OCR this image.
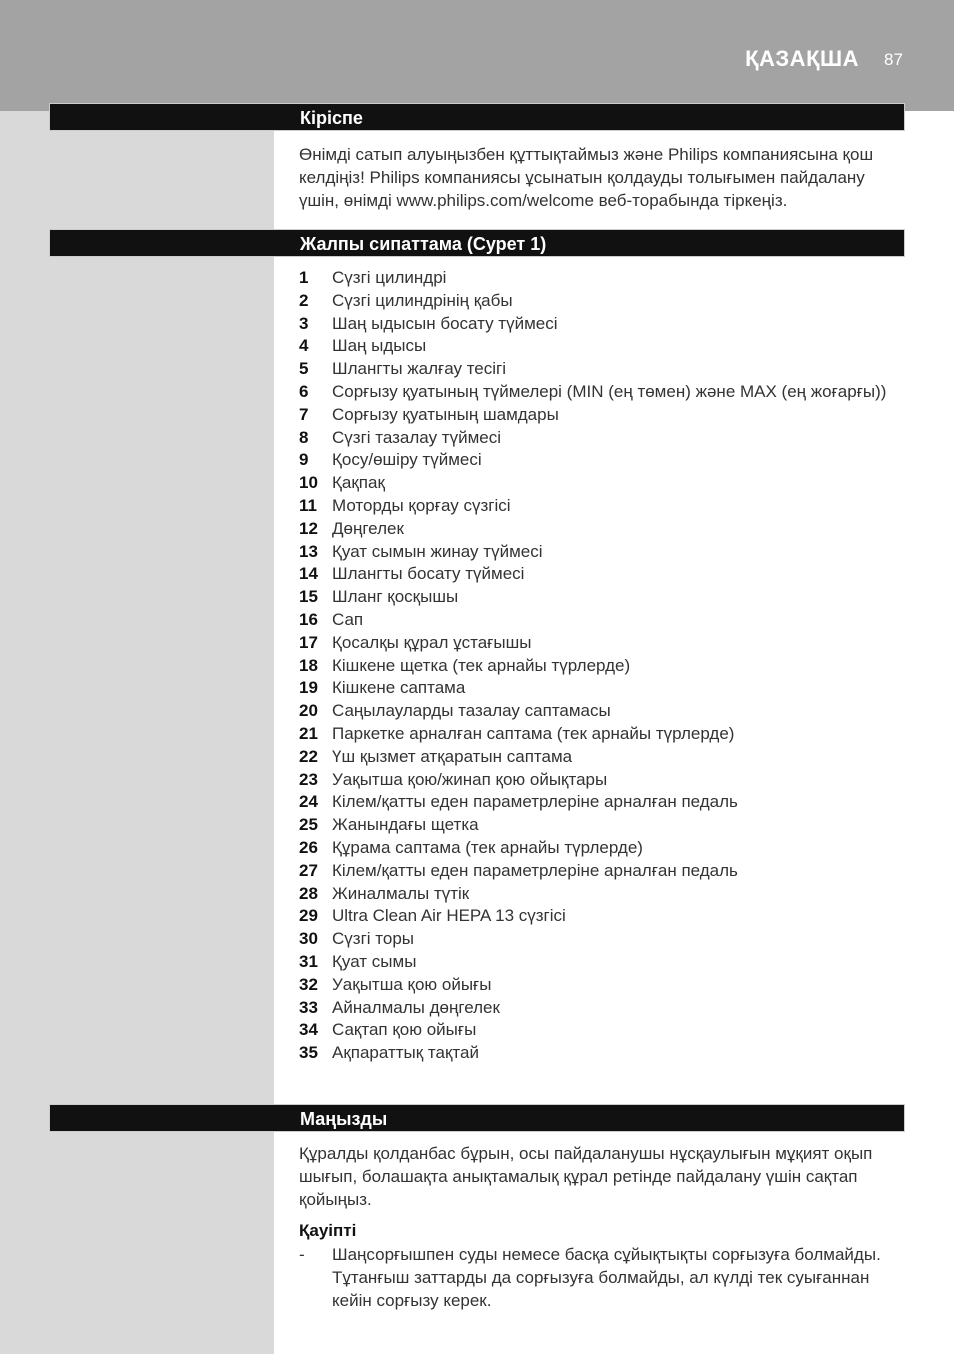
ҚАЗАҚША 87
Кіріспе
Өнімді сатып алуыңызбен құттықтаймыз және Philips компаниясына қош келдіңіз! Philips компаниясы ұсынатын қолдауды толығымен пайдалану үшін, өнімді www.philips.com/welcome веб-торабында тіркеңіз.
Жалпы сипаттама (Сурет 1)
1	Сүзгі цилиндрі
2	Сүзгі цилиндрінің қабы
3	Шаң ыдысын босату түймесі
4	Шаң ыдысы
5	Шлангты жалғау тесігі
6	Сорғызу қуатының түймелері (MIN (ең төмен) және MAX (ең жоғарғы))
7	Сорғызу қуатының шамдары
8	Сүзгі тазалау түймесі
9	Қосу/өшіру түймесі
10 Қақпақ
11 Моторды қорғау сүзгісі
12 Дөңгелек
13 Қуат сымын жинау түймесі
14 Шлангты босату түймесі
15 Шланг қосқышы
16 Сап
17 Қосалқы құрал ұстағышы
18 Кішкене щетка (тек арнайы түрлерде)
19 Кішкене саптама
20 Саңылауларды тазалау саптамасы
21 Паркетке арналған саптама (тек арнайы түрлерде)
22 Үш қызмет атқаратын саптама
23 Уақытша қою/жинап қою ойықтары
24 Кілем/қатты еден параметрлеріне арналған педаль
25 Жанындағы щетка
26 Құрама саптама (тек арнайы түрлерде)
27 Кілем/қатты еден параметрлеріне арналған педаль
28 Жиналмалы түтік
29 Ultra Clean Air HEPA 13 сүзгісі
30 Сүзгі торы
31 Қуат сымы
32 Уақытша қою ойығы
33 Айналмалы дөңгелек
34 Сақтап қою ойығы
35 Ақпараттық тақтай
Маңызды
Құралды қолданбас бұрын, осы пайдаланушы нұсқаулығын мұқият оқып шығып, болашақта анықтамалық құрал ретінде пайдалану үшін сақтап қойыңыз.
Қауіпті
-	Шаңсорғышпен суды немесе басқа сұйықтықты сорғызуға болмайды. Тұтанғыш заттарды да сорғызуға болмайды, ал күлді тек суығаннан кейін сорғызу керек.
